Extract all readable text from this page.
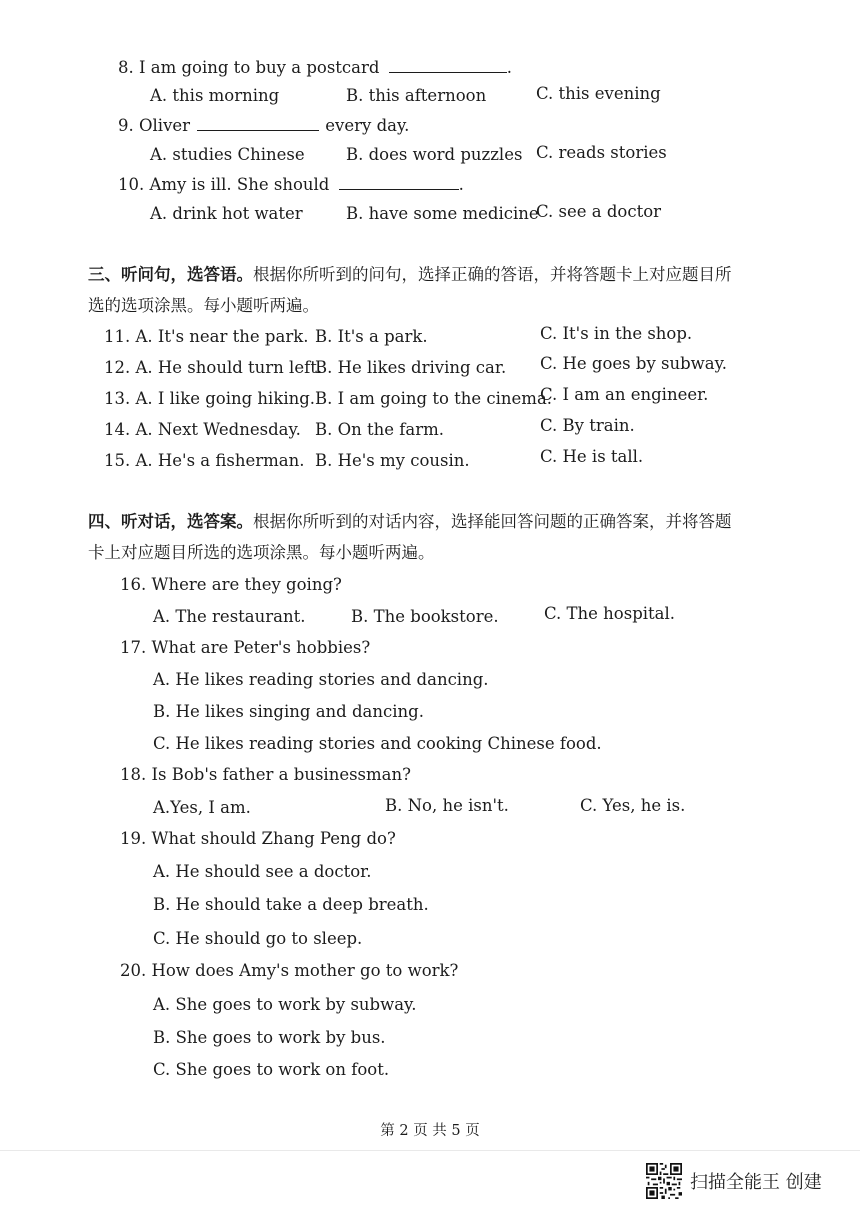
8. I am going to buy a postcard	.
A. this morning	B. this afternoon	C. this evening
9. Oliver	every day.
A. studies Chinese	B. does word puzzles C. reads stories
10. Amy is ill. She should	.
A. drink hot water	B. have some medicine
C. see a doctor
三、听问句，选答语。根据你所听到的问句，选择正确的答语，并将答题卡上对应题目所
选的选项涂黑。每小题听两遍。
11. A. It's near the park. B. It's a park.	C. It's in the shop.
12. A. He should turn left.
B. He likes driving car. C. He goes by subway.
13. A. I like going hiking. B. I am going to the cinema.
C. I am an engineer.
14. A. Next Wednesday. B. On the farm.	C. By train.
15. A. He's a fisherman. B. He's my cousin.	C. He is tall.
四、听对话，选答案。根据你所听到的对话内容，选择能回答问题的正确答案，并将答题
卡上对应题目所选的选项涂黑。每小题听两遍。
16. Where are they going?
A. The restaurant.	B. The bookstore.	C. The hospital.
17. What are Peter's hobbies?
A. He likes reading stories and dancing.
B. He likes singing and dancing.
C. He likes reading stories and cooking Chinese food.
18. Is Bob's father a businessman?
A.Yes, I am.	B. No, he isn't.	C. Yes, he is.
19. What should Zhang Peng do?
A. He should see a doctor.
B. He should take a deep breath.
C. He should go to sleep.
20. How does Amy's mother go to work?
A. She goes to work by subway.
B. She goes to work by bus.
C. She goes to work on foot.
第 2 页 共 5 页
扫描全能王 创建
